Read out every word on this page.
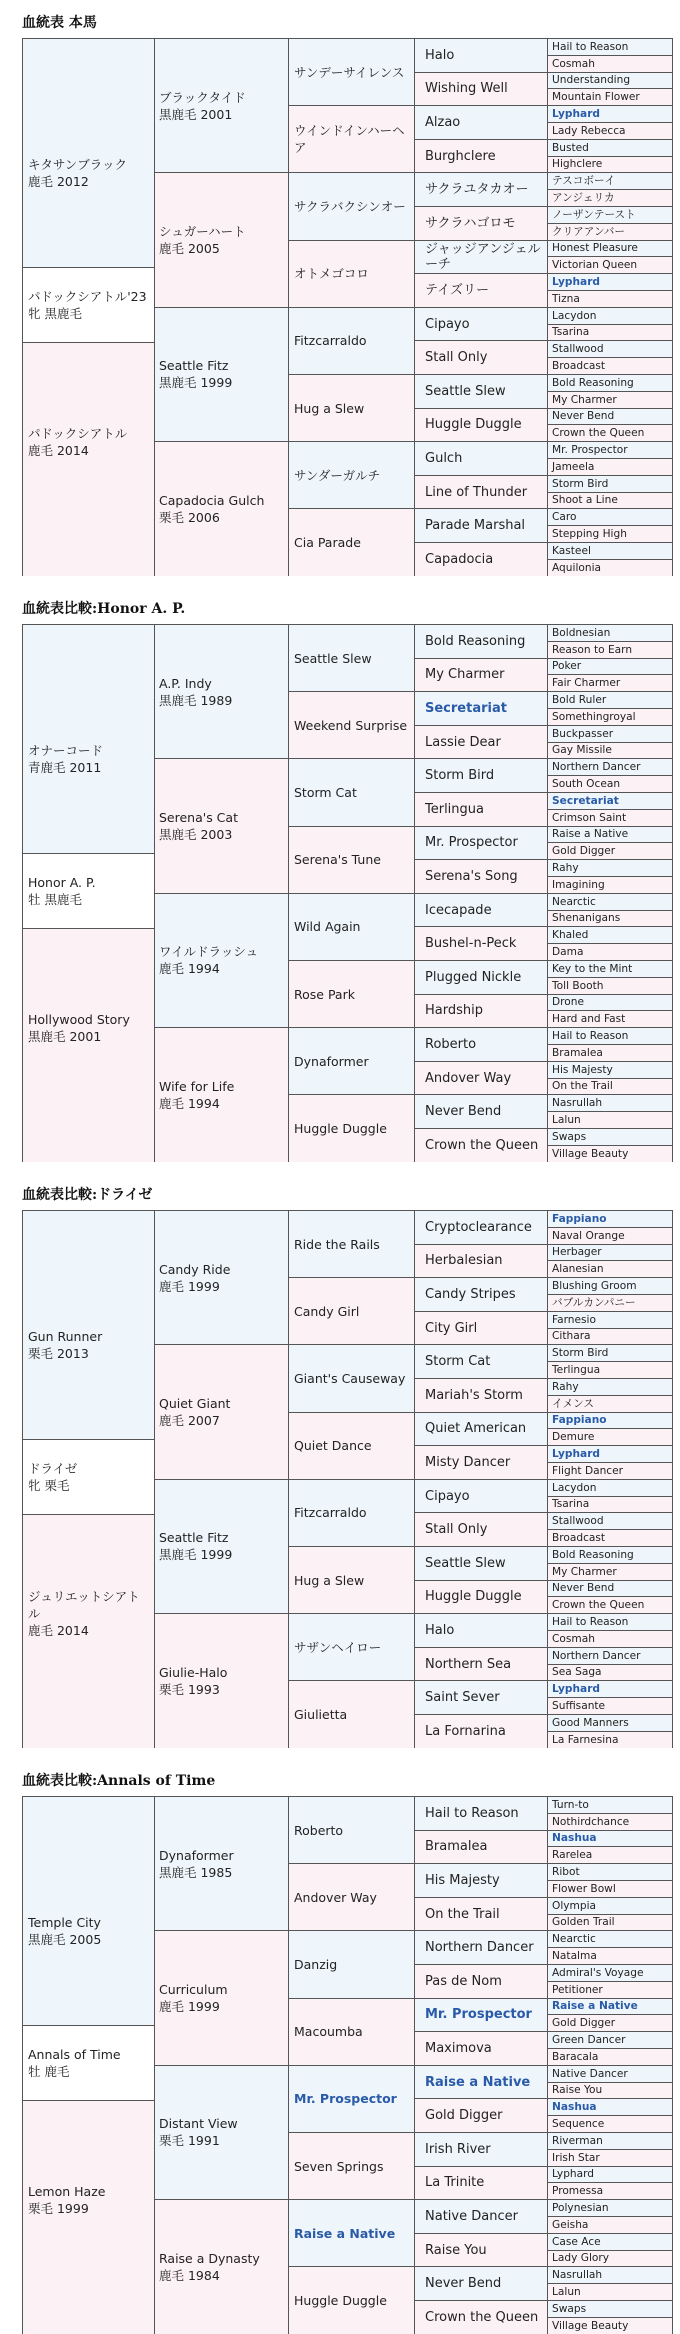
血統表 本馬
キタサンブラック
鹿毛 2012
パドックシアトル
鹿毛 2014
パドックシアトル'23
牝 黒鹿毛
ブラックタイド
黒鹿毛 2001
シュガーハート
鹿毛 2005
Seattle Fitz
黒鹿毛 1999
Capadocia Gulch
栗毛 2006
サンデーサイレンス
ウインドインハーヘア
サクラバクシンオー
オトメゴコロ
Fitzcarraldo
Hug a Slew
サンダーガルチ
Cia Parade
Halo
Wishing Well
Alzao
Burghclere
サクラユタカオー
サクラハゴロモ
ジャッジアンジェルーチ
テイズリー
Cipayo
Stall Only
Seattle Slew
Huggle Duggle
Gulch
Line of Thunder
Parade Marshal
Capadocia
Hail to Reason
Cosmah
Understanding
Mountain Flower
Lyphard
Lady Rebecca
Busted
Highclere
テスコボーイ
アンジェリカ
ノーザンテースト
クリアアンバー
Honest Pleasure
Victorian Queen
Lyphard
Tizna
Lacydon
Tsarina
Stallwood
Broadcast
Bold Reasoning
My Charmer
Never Bend
Crown the Queen
Mr. Prospector
Jameela
Storm Bird
Shoot a Line
Caro
Stepping High
Kasteel
Aquilonia
血統表比較:Honor A. P.
オナーコード
青鹿毛 2011
Hollywood Story
黒鹿毛 2001
Honor A. P.
牡 黒鹿毛
A.P. Indy
黒鹿毛 1989
Serena's Cat
黒鹿毛 2003
ワイルドラッシュ
鹿毛 1994
Wife for Life
鹿毛 1994
Seattle Slew
Weekend Surprise
Storm Cat
Serena's Tune
Wild Again
Rose Park
Dynaformer
Huggle Duggle
Bold Reasoning
My Charmer
Secretariat
Lassie Dear
Storm Bird
Terlingua
Mr. Prospector
Serena's Song
Icecapade
Bushel-n-Peck
Plugged Nickle
Hardship
Roberto
Andover Way
Never Bend
Crown the Queen
Boldnesian
Reason to Earn
Poker
Fair Charmer
Bold Ruler
Somethingroyal
Buckpasser
Gay Missile
Northern Dancer
South Ocean
Secretariat
Crimson Saint
Raise a Native
Gold Digger
Rahy
Imagining
Nearctic
Shenanigans
Khaled
Dama
Key to the Mint
Toll Booth
Drone
Hard and Fast
Hail to Reason
Bramalea
His Majesty
On the Trail
Nasrullah
Lalun
Swaps
Village Beauty
血統表比較:ドライゼ
Gun Runner
栗毛 2013
ジュリエットシアトル
鹿毛 2014
ドライゼ
牝 栗毛
Candy Ride
鹿毛 1999
Quiet Giant
鹿毛 2007
Seattle Fitz
黒鹿毛 1999
Giulie-Halo
栗毛 1993
Ride the Rails
Candy Girl
Giant's Causeway
Quiet Dance
Fitzcarraldo
Hug a Slew
サザンヘイロー
Giulietta
Cryptoclearance
Herbalesian
Candy Stripes
City Girl
Storm Cat
Mariah's Storm
Quiet American
Misty Dancer
Cipayo
Stall Only
Seattle Slew
Huggle Duggle
Halo
Northern Sea
Saint Sever
La Fornarina
Fappiano
Naval Orange
Herbager
Alanesian
Blushing Groom
バブルカンパニー
Farnesio
Cithara
Storm Bird
Terlingua
Rahy
イメンス
Fappiano
Demure
Lyphard
Flight Dancer
Lacydon
Tsarina
Stallwood
Broadcast
Bold Reasoning
My Charmer
Never Bend
Crown the Queen
Hail to Reason
Cosmah
Northern Dancer
Sea Saga
Lyphard
Suffisante
Good Manners
La Farnesina
血統表比較:Annals of Time
Temple City
黒鹿毛 2005
Lemon Haze
栗毛 1999
Annals of Time
牡 鹿毛
Dynaformer
黒鹿毛 1985
Curriculum
鹿毛 1999
Distant View
栗毛 1991
Raise a Dynasty
鹿毛 1984
Roberto
Andover Way
Danzig
Macoumba
Mr. Prospector
Seven Springs
Raise a Native
Huggle Duggle
Hail to Reason
Bramalea
His Majesty
On the Trail
Northern Dancer
Pas de Nom
Mr. Prospector
Maximova
Raise a Native
Gold Digger
Irish River
La Trinite
Native Dancer
Raise You
Never Bend
Crown the Queen
Turn-to
Nothirdchance
Nashua
Rarelea
Ribot
Flower Bowl
Olympia
Golden Trail
Nearctic
Natalma
Admiral's Voyage
Petitioner
Raise a Native
Gold Digger
Green Dancer
Baracala
Native Dancer
Raise You
Nashua
Sequence
Riverman
Irish Star
Lyphard
Promessa
Polynesian
Geisha
Case Ace
Lady Glory
Nasrullah
Lalun
Swaps
Village Beauty
